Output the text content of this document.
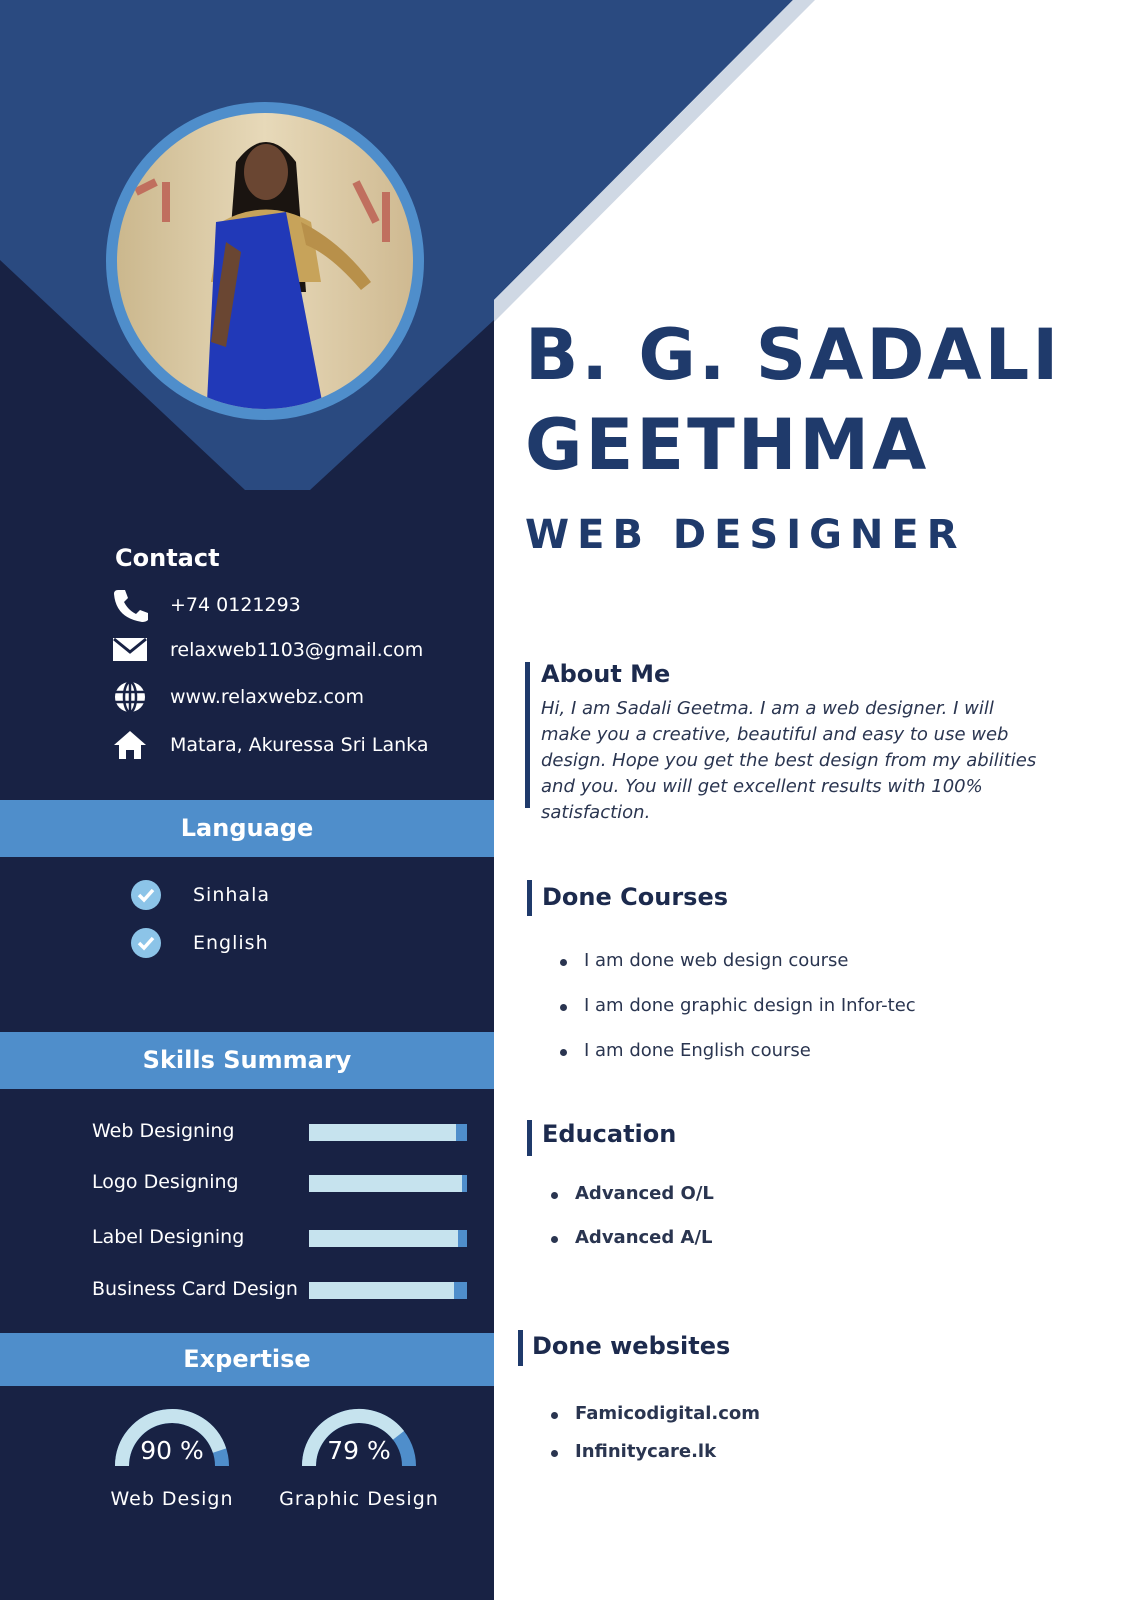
Contact
+74 0121293
relaxweb1103@gmail.com
www.relaxwebz.com
Matara, Akuressa Sri Lanka
Language
Sinhala
English
Skills Summary
Web Designing
Logo Designing
Label Designing
Business Card Design
Expertise
90 %
Web Design
79 %
Graphic Design
B. G. SADALI
GEETHMA
WEB DESIGNER
About Me
Hi, I am Sadali Geetma. I am a web designer. I will make you a creative, beautiful and easy to use web design. Hope you get the best design from my abilities and you. You will get excellent results with 100% satisfaction.
Done Courses
I am done web design course
I am done graphic design in Infor-tec
I am done English course
Education
Advanced O/L
Advanced A/L
Done websites
Famicodigital.com
Infinitycare.lk
